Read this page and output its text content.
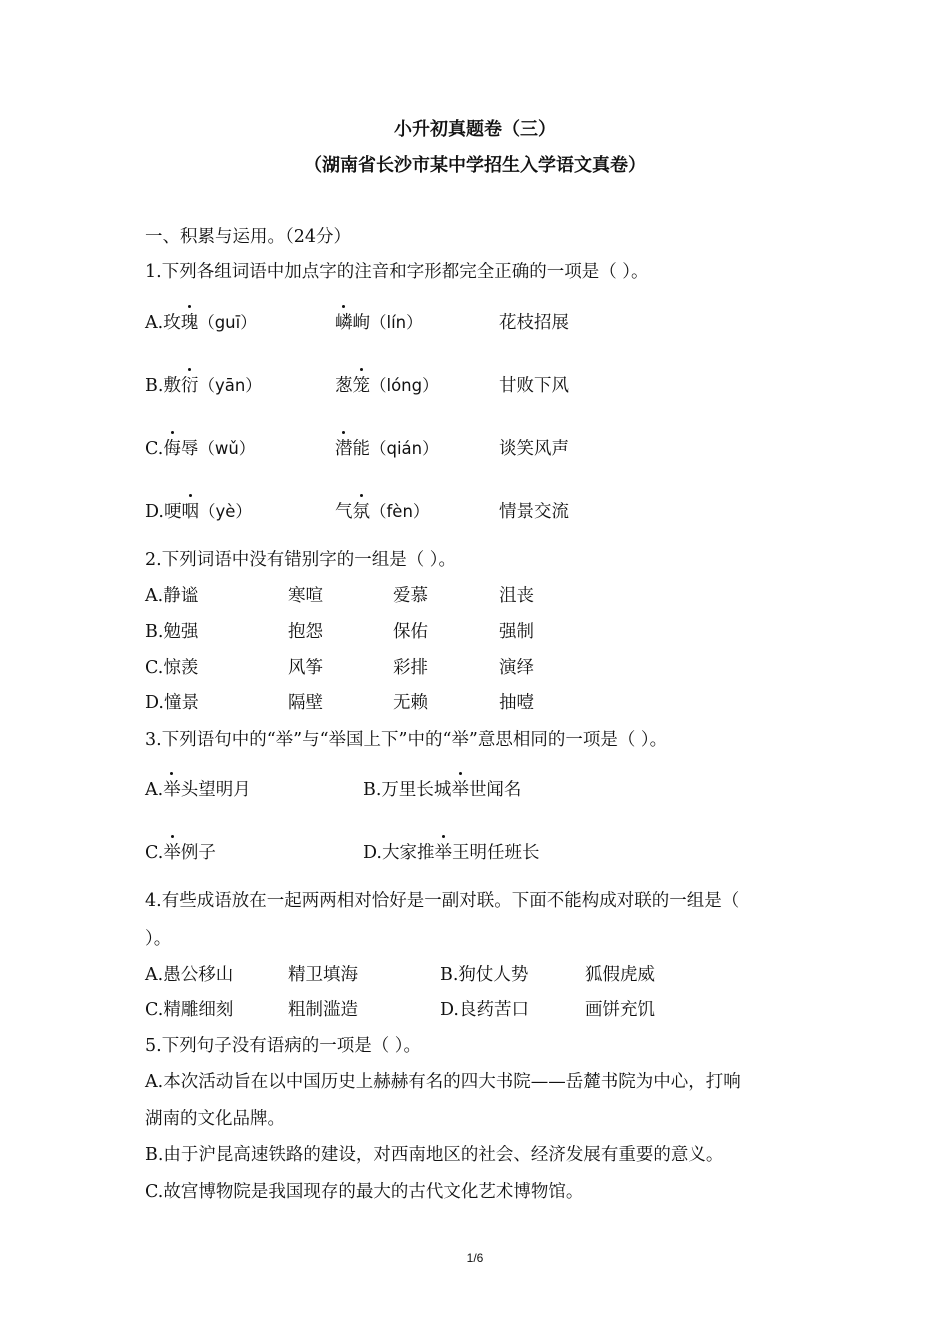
小升初真题卷（三）
（湖南省长沙市某中学招生入学语文真卷）
一、积累与运用。（24分）
1.下列各组词语中加点字的注音和字形都完全正确的一项是（ ）。
A.玫瑰（guī）	嶙峋（lín）	花枝招展
B.敷衍（yān）	葱笼（lóng）	甘败下风
C.侮辱（wǔ）	潜能（qián）	谈笑风声
D.哽咽（yè）	气氛（fèn）	情景交流
2.下列词语中没有错别字的一组是（ ）。
A.静谧	寒喧	爱慕	沮丧
B.勉强	抱怨	保佑	强制
C.惊羡	风筝	彩排	演绎
D.憧景	隔壁	无赖	抽噎
3.下列语句中的“举”与“举国上下”中的“举”意思相同的一项是（ ）。
A.举头望明月	B.万里长城举世闻名
C.举例子	D.大家推举王明任班长
4.有些成语放在一起两两相对恰好是一副对联。下面不能构成对联的一组是（
）。
A.愚公移山	精卫填海	B.狗仗人势	狐假虎威
C.精雕细刻	粗制滥造	D.良药苦口	画饼充饥
5.下列句子没有语病的一项是（ ）。
A.本次活动旨在以中国历史上赫赫有名的四大书院——岳麓书院为中心，打响
湖南的文化品牌。
B.由于沪昆高速铁路的建设，对西南地区的社会、经济发展有重要的意义。
C.故宫博物院是我国现存的最大的古代文化艺术博物馆。
1/6
